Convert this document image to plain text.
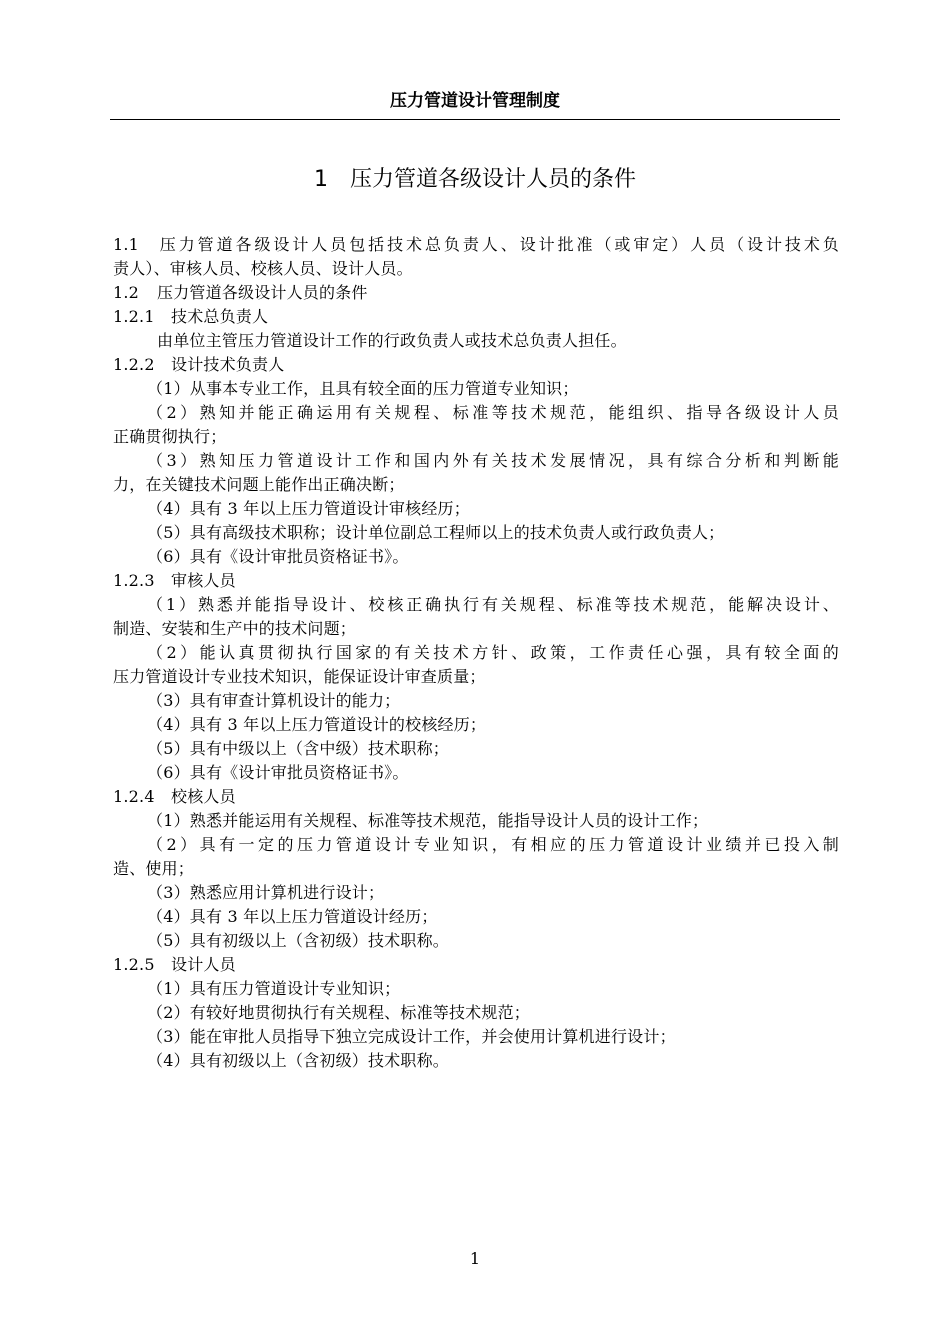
压力管道设计管理制度
1 压力管道各级设计人员的条件
1.1 压力管道各级设计人员包括技术总负责人、设计批准（或审定）人员（设计技术负
责人）、审核人员、校核人员、设计人员。
1.2 压力管道各级设计人员的条件
1.2.1 技术总负责人
由单位主管压力管道设计工作的行政负责人或技术总负责人担任。
1.2.2 设计技术负责人
（1）从事本专业工作，且具有较全面的压力管道专业知识；
（2）熟知并能正确运用有关规程、标准等技术规范，能组织、指导各级设计人员
正确贯彻执行；
（3）熟知压力管道设计工作和国内外有关技术发展情况，具有综合分析和判断能
力，在关键技术问题上能作出正确决断；
（4）具有 3 年以上压力管道设计审核经历；
（5）具有高级技术职称；设计单位副总工程师以上的技术负责人或行政负责人；
（6）具有《设计审批员资格证书》。
1.2.3 审核人员
（1）熟悉并能指导设计、校核正确执行有关规程、标准等技术规范，能解决设计、
制造、安装和生产中的技术问题；
（2）能认真贯彻执行国家的有关技术方针、政策，工作责任心强，具有较全面的
压力管道设计专业技术知识，能保证设计审查质量；
（3）具有审查计算机设计的能力；
（4）具有 3 年以上压力管道设计的校核经历；
（5）具有中级以上（含中级）技术职称；
（6）具有《设计审批员资格证书》。
1.2.4 校核人员
（1）熟悉并能运用有关规程、标准等技术规范，能指导设计人员的设计工作；
（2）具有一定的压力管道设计专业知识，有相应的压力管道设计业绩并已投入制
造、使用；
（3）熟悉应用计算机进行设计；
（4）具有 3 年以上压力管道设计经历；
（5）具有初级以上（含初级）技术职称。
1.2.5 设计人员
（1）具有压力管道设计专业知识；
（2）有较好地贯彻执行有关规程、标准等技术规范；
（3）能在审批人员指导下独立完成设计工作，并会使用计算机进行设计；
（4）具有初级以上（含初级）技术职称。
1
